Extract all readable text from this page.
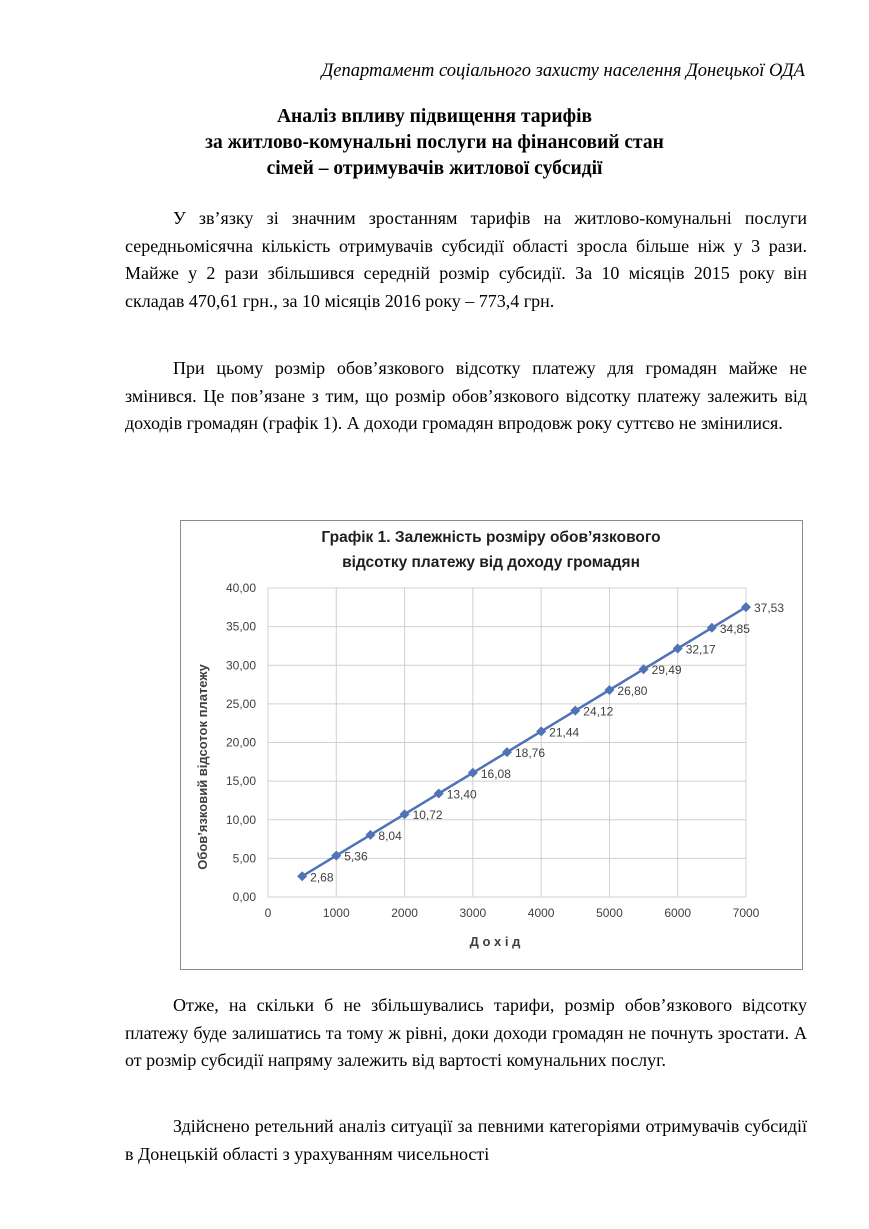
Департамент соціального захисту населення Донецької ОДА
Аналіз впливу підвищення тарифів
за житлово-комунальні послуги на фінансовий стан
сімей – отримувачів житлової субсидії

У зв’язку зі значним зростанням тарифів на житлово-комунальні послуги середньомісячна кількість отримувачів субсидії області зросла більше ніж у 3 рази. Майже у 2 рази збільшився середній розмір субсидії. За 10 місяців 2015 року він складав 470,61 грн., за 10 місяців 2016 року – 773,4 грн.

При цьому розмір обов’язкового відсотку платежу для громадян майже не змінився. Це пов’язане з тим, що розмір обов’язкового відсотку платежу залежить від доходів громадян (графік 1). А доходи громадян впродовж року суттєво не змінилися.

Графік 1. Залежність розміру обов’язкового
відсотку платежу від доходу громадян
Д о х і д
Обов’язковий відсоток платежу
0,00
5,00
10,00
15,00
20,00
25,00
30,00
35,00
40,00
0	1000	2000	3000	4000	5000	6000	7000
2,68
5,36
8,04
10,72
13,40
16,08
18,76
21,44
24,12
26,80
29,49
32,17
34,85
37,53

Отже, на скільки б не збільшувались тарифи, розмір обов’язкового відсотку платежу буде залишатись та тому ж рівні, доки доходи громадян не почнуть зростати. А от розмір субсидії напряму залежить від вартості комунальних послуг.

Здійснено ретельний аналіз ситуації за певними категоріями отримувачів субсидії в Донецькій області з урахуванням чисельності
